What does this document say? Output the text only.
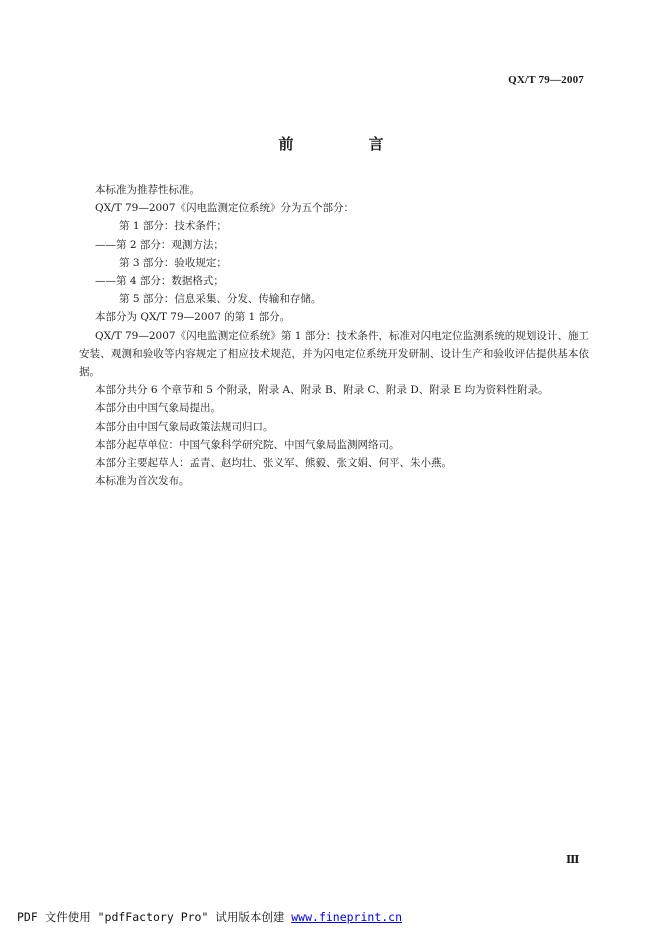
QX/T 79—2007
前　言

本标准为推荐性标准。

QX/T 79—2007《闪电监测定位系统》分为五个部分：

第 1 部分：技术条件；

——第 2 部分：观测方法；

第 3 部分：验收规定；

——第 4 部分：数据格式；

第 5 部分：信息采集、分发、传输和存储。

本部分为 QX/T 79—2007 的第 1 部分。

QX/T 79—2007《闪电监测定位系统》第 1 部分：技术条件，标准对闪电定位监测系统的规划设计、施工安装、观测和验收等内容规定了相应技术规范，并为闪电定位系统开发研制、设计生产和验收评估提供基本依据。

本部分共分 6 个章节和 5 个附录，附录 A、附录 B、附录 C、附录 D、附录 E 均为资料性附录。

本部分由中国气象局提出。

本部分由中国气象局政策法规司归口。

本部分起草单位：中国气象科学研究院、中国气象局监测网络司。

本部分主要起草人：孟青、赵均壮、张义军、熊毅、张文娟、何平、朱小燕。

本标准为首次发布。

Ⅲ
PDF 文件使用 "pdfFactory Pro" 试用版本创建 www.fineprint.cn
